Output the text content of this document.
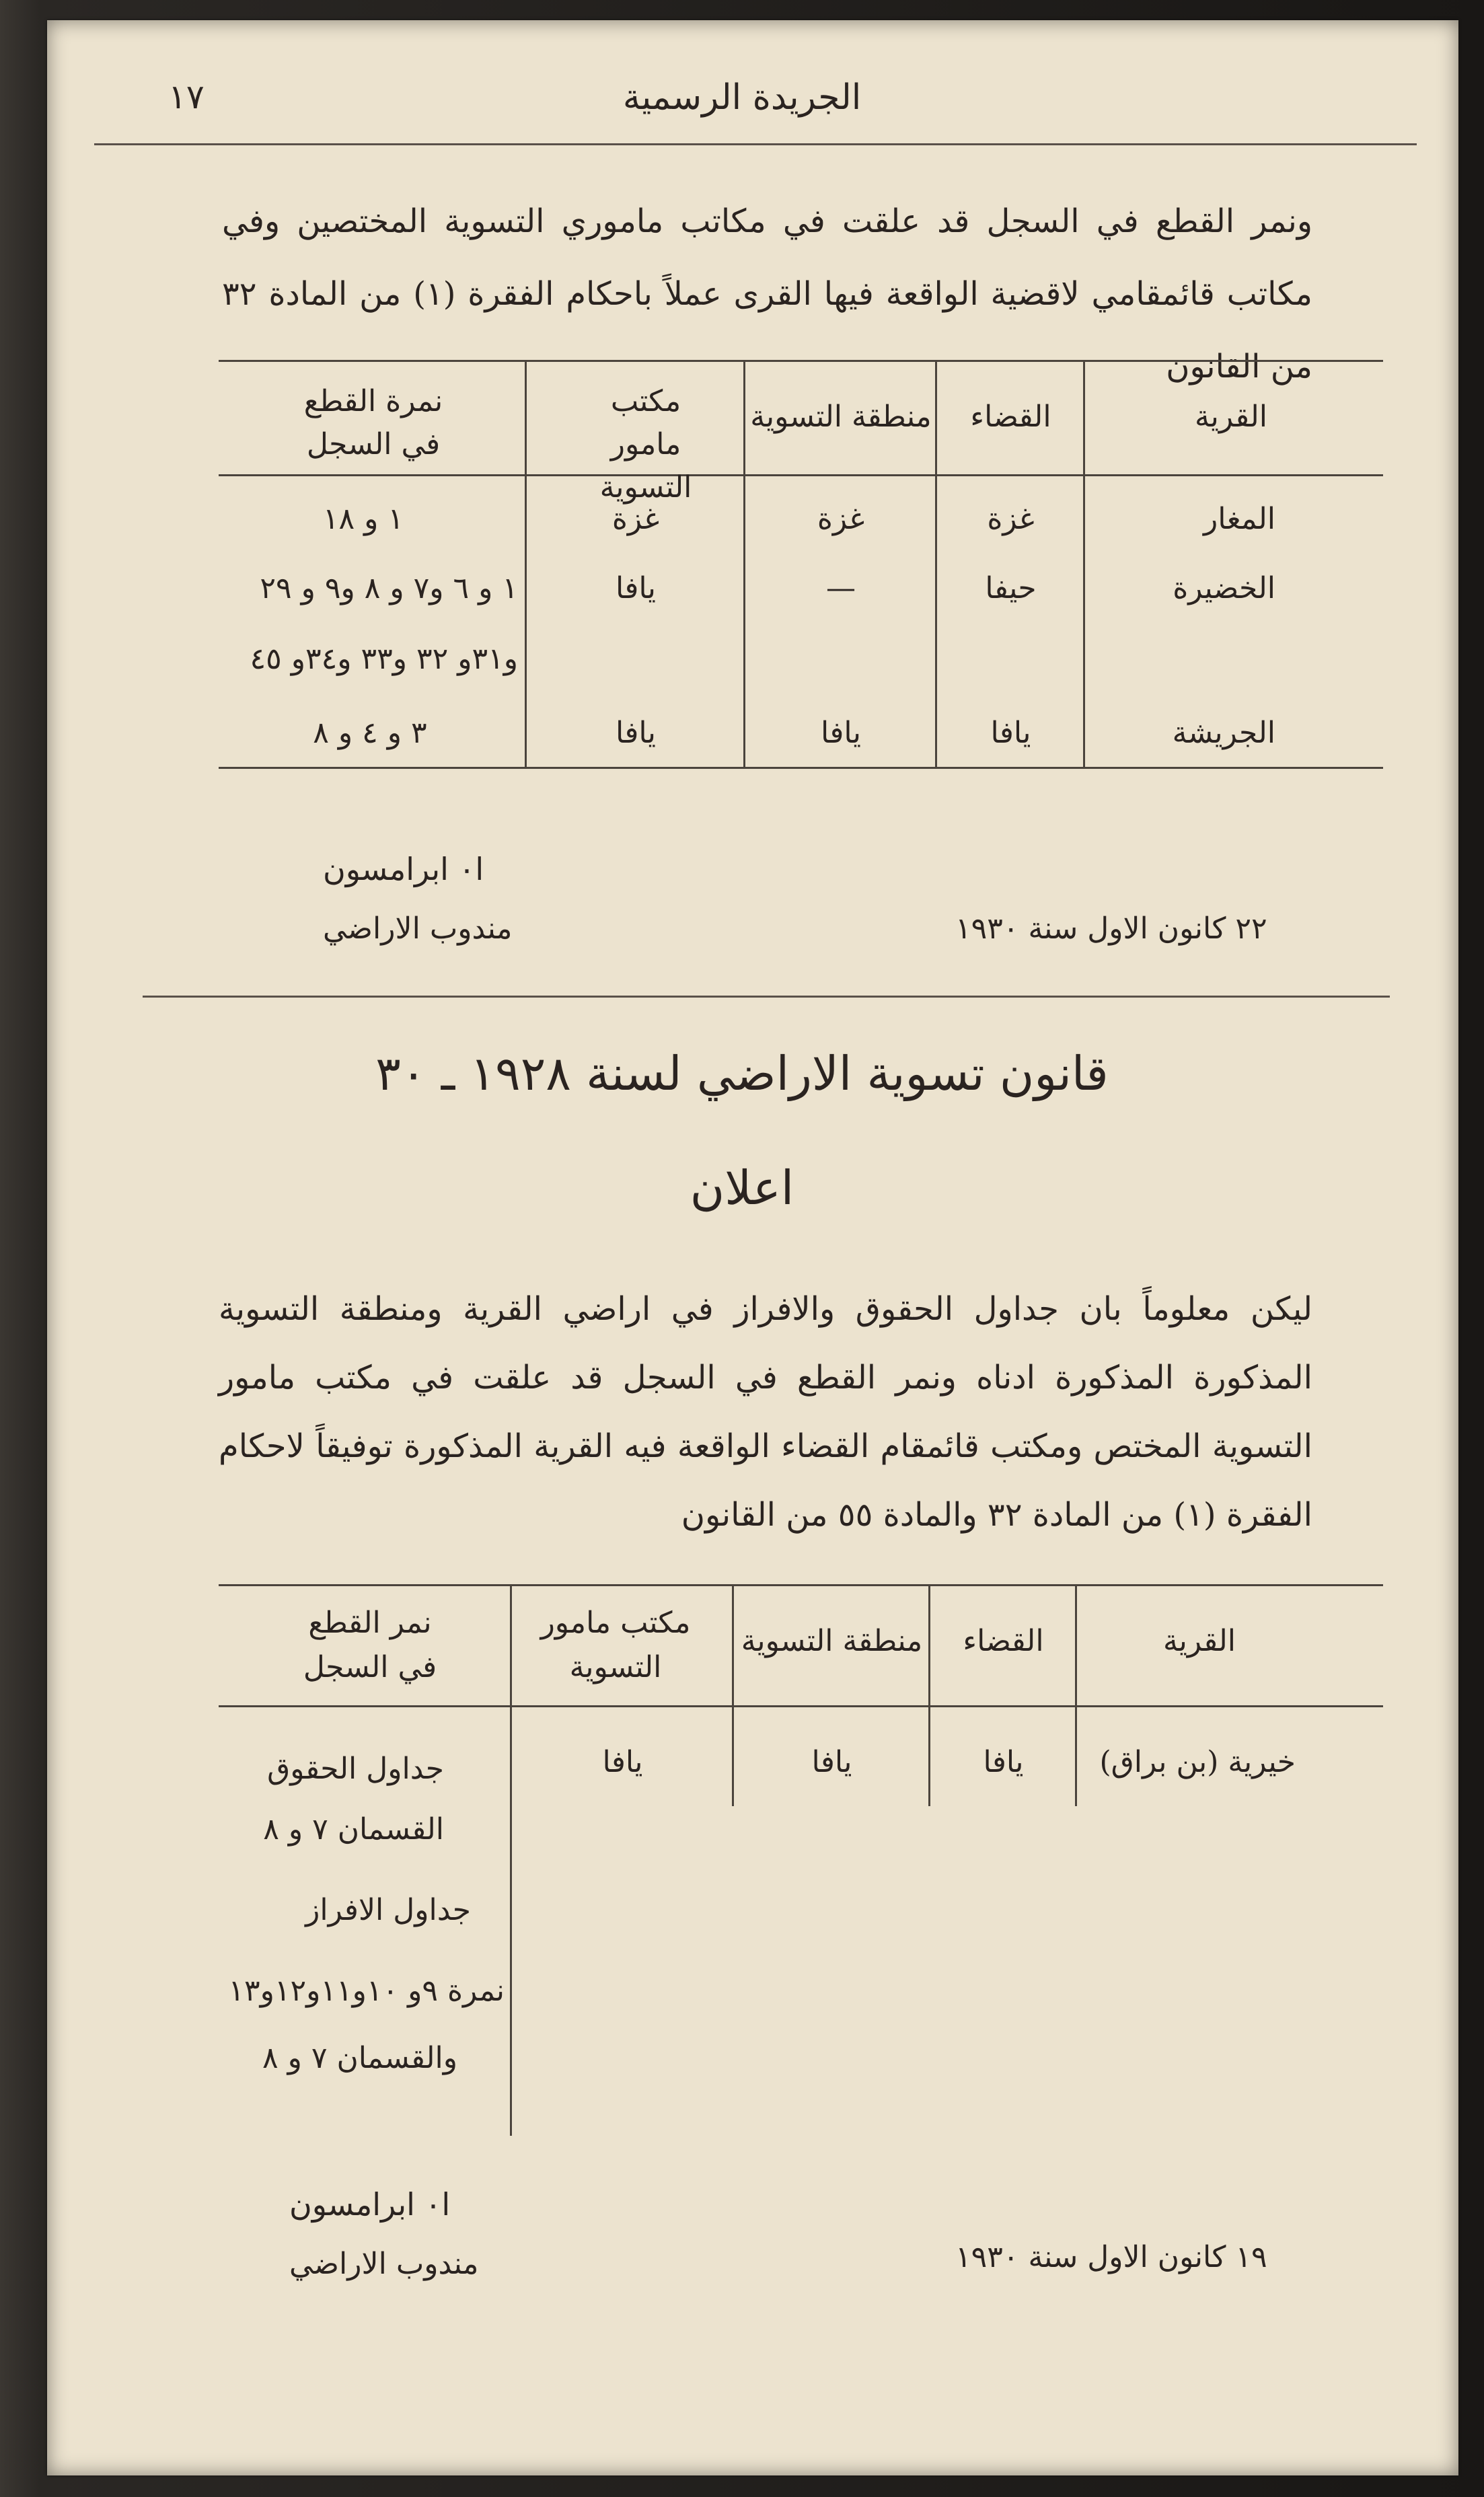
الجريدة الرسمية
١٧
ونمر القطع في السجل قد علقت في مكاتب ماموري التسوية المختصين وفي مكاتب قائمقامي لاقضية الواقعة فيها القرى عملاً باحكام الفقرة (١) من المادة ٣٢ من القانون
القرية
القضاء
منطقة التسوية
مكتب مامور التسوية
نمرة القطع في السجل
المغار
غزة
غزة
غزة
١ و ١٨
الخضيرة
حيفا
—
يافا
١ و ٦ و٧ و ٨ و٩ و ٢٩
و٣١و ٣٢ و٣٣ و٣٤و ٤٥
الجريشة
يافا
يافا
يافا
٣ و ٤ و ٨
ا٠ ابرامسون
مندوب الاراضي	٢٢ كانون الاول سنة ١٩٣٠
قانون تسوية الاراضي لسنة ١٩٢٨ ـ ٣٠
اعلان
ليكن معلوماً بان جداول الحقوق والافراز في اراضي القرية ومنطقة التسوية المذكورة المذكورة ادناه ونمر القطع في السجل قد علقت في مكتب مامور التسوية المختص ومكتب قائمقام القضاء الواقعة فيه القرية المذكورة توفيقاً لاحكام الفقرة (١) من المادة ٣٢ والمادة ٥٥ من القانون
القرية
القضاء
منطقة التسوية
مكتب مامور التسوية
نمر القطع في السجل
خيرية (بن براق)
يافا
يافا
يافا
جداول الحقوق
القسمان ٧ و ٨
جداول الافراز
نمرة ٩و ١٠و١١و١٢و١٣
والقسمان ٧ و ٨
ا٠ ابرامسون
مندوب الاراضي	١٩ كانون الاول سنة ١٩٣٠
